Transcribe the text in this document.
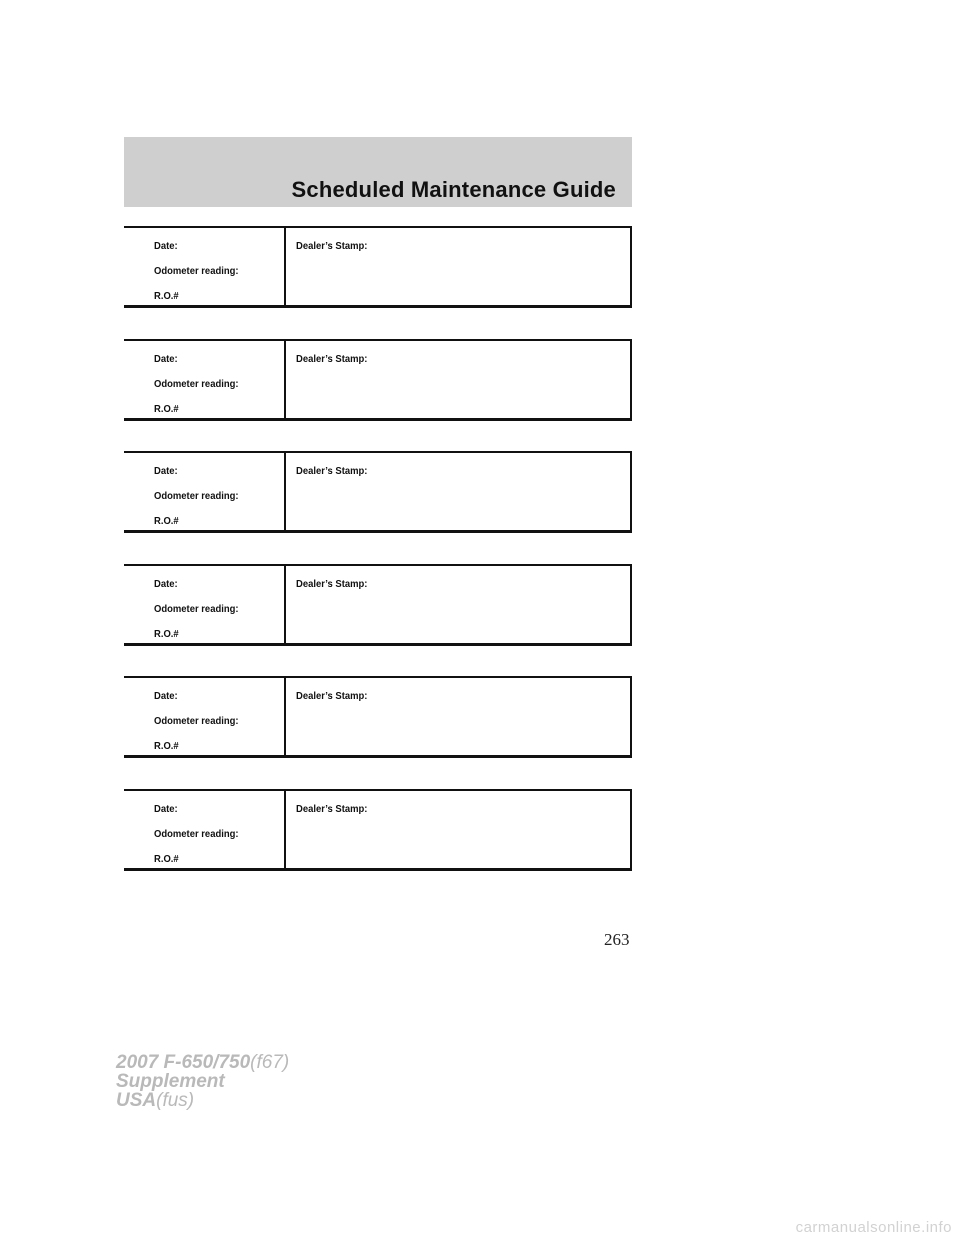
Scheduled Maintenance Guide
Date:
Odometer reading:
R.O.#
Dealer’s Stamp:
Date:
Odometer reading:
R.O.#
Dealer’s Stamp:
Date:
Odometer reading:
R.O.#
Dealer’s Stamp:
Date:
Odometer reading:
R.O.#
Dealer’s Stamp:
Date:
Odometer reading:
R.O.#
Dealer’s Stamp:
Date:
Odometer reading:
R.O.#
Dealer’s Stamp:
263
2007 F-650/750(f67)
Supplement
USA(fus)
carmanualsonline.info
